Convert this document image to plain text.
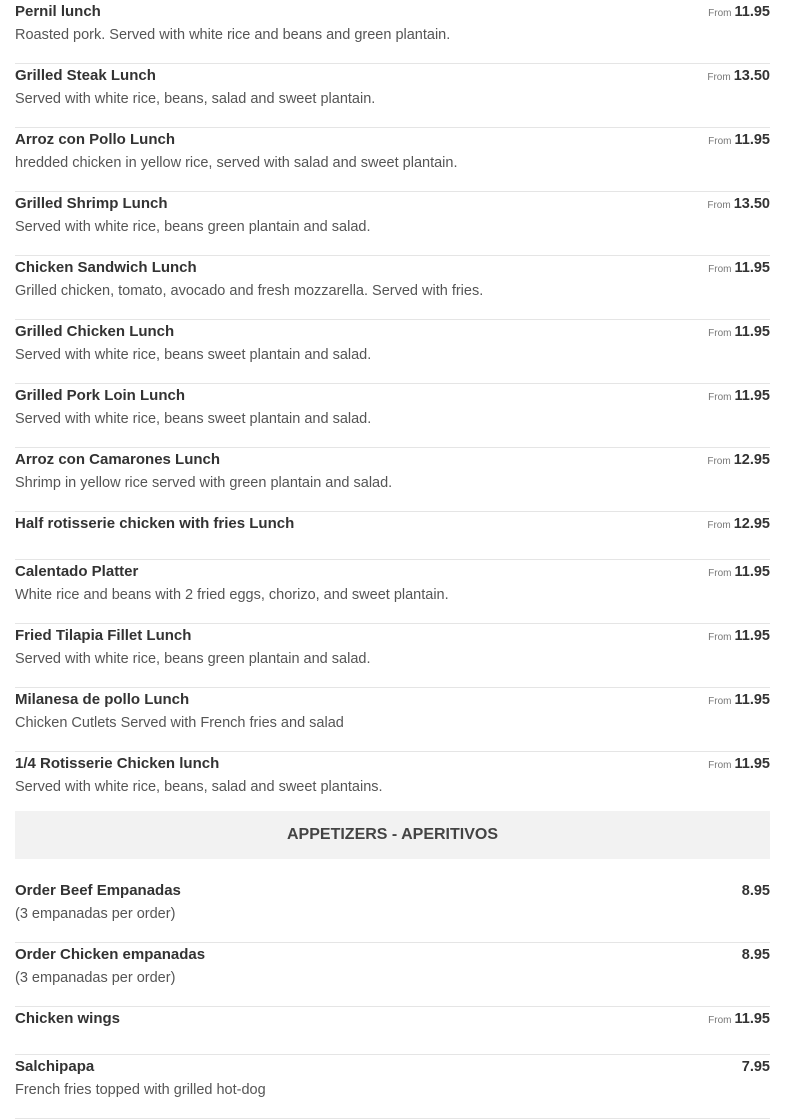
Pernil lunch
Roasted pork. Served with white rice and beans and green plantain.
From 11.95
Grilled Steak Lunch
Served with white rice, beans, salad and sweet plantain.
From 13.50
Arroz con Pollo Lunch
hredded chicken in yellow rice, served with salad and sweet plantain.
From 11.95
Grilled Shrimp Lunch
Served with white rice, beans green plantain and salad.
From 13.50
Chicken Sandwich Lunch
Grilled chicken, tomato, avocado and fresh mozzarella. Served with fries.
From 11.95
Grilled Chicken Lunch
Served with white rice, beans sweet plantain and salad.
From 11.95
Grilled Pork Loin Lunch
Served with white rice, beans sweet plantain and salad.
From 11.95
Arroz con Camarones Lunch
Shrimp in yellow rice served with green plantain and salad.
From 12.95
Half rotisserie chicken with fries Lunch	From 12.95
Calentado Platter
White rice and beans with 2 fried eggs, chorizo, and sweet plantain.
From 11.95
Fried Tilapia Fillet Lunch
Served with white rice, beans green plantain and salad.
From 11.95
Milanesa de pollo Lunch
Chicken Cutlets Served with French fries and salad
From 11.95
1/4 Rotisserie Chicken lunch
Served with white rice, beans, salad and sweet plantains.
From 11.95
APPETIZERS - APERITIVOS
Order Beef Empanadas
(3 empanadas per order)
8.95
Order Chicken empanadas
(3 empanadas per order)
8.95
Chicken wings	From 11.95
Salchipapa
French fries topped with grilled hot-dog
7.95
